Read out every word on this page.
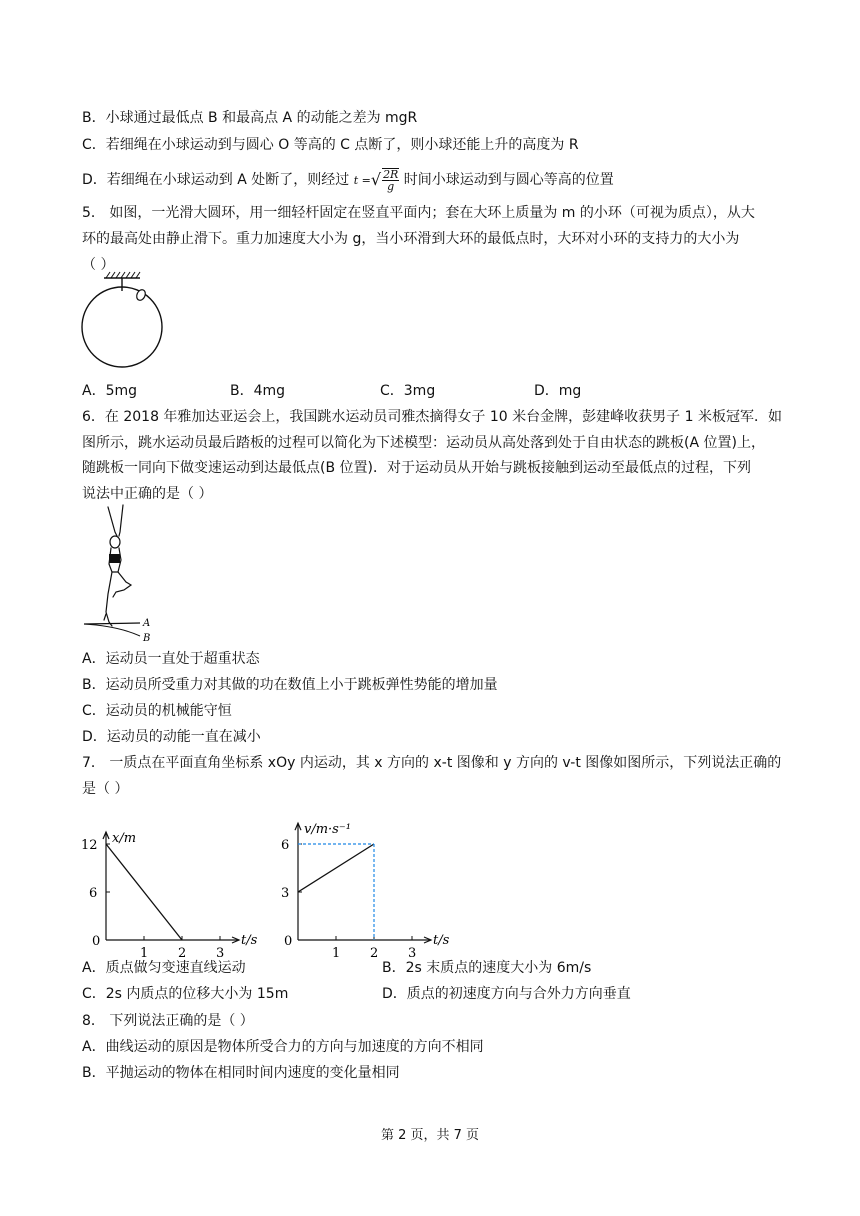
B．小球通过最低点 B 和最高点 A 的动能之差为 mgR
C．若细绳在小球运动到与圆心 O 等高的 C 点断了，则小球还能上升的高度为 R
D．若细绳在小球运动到 A 处断了，则经过 t =√ $\frac{2R}{g}$ 时间小球运动到与圆心等高的位置
5． 如图，一光滑大圆环，用一细轻杆固定在竖直平面内；套在大环上质量为 m 的小环（可视为质点），从大
环的最高处由静止滑下。重力加速度大小为 g，当小环滑到大环的最低点时，大环对小环的支持力的大小为
（ ）
A．5mg	B．4mg	C．3mg	D．mg
6．在 2018 年雅加达亚运会上，我国跳水运动员司雅杰摘得女子 10 米台金牌，彭建峰收获男子 1 米板冠军．如
图所示，跳水运动员最后踏板的过程可以简化为下述模型：运动员从高处落到处于自由状态的跳板(A 位置)上，
随跳板一同向下做变速运动到达最低点(B 位置)．对于运动员从开始与跳板接触到运动至最低点的过程，下列
说法中正确的是（ ）
A
B
A．运动员一直处于超重状态
B．运动员所受重力对其做的功在数值上小于跳板弹性势能的增加量
C．运动员的机械能守恒
D．运动员的动能一直在减小
7． 一质点在平面直角坐标系 xOy 内运动，其 x 方向的 x-t 图像和 y 方向的 v-t 图像如图所示，下列说法正确的
是（ ）
t/s
x/m
0
1 2 3
6
12
t/s
v/m·s⁻¹
0
1 2 3
3
6
A．质点做匀变速直线运动	B．2s 末质点的速度大小为 6m/s
C．2s 内质点的位移大小为 15m	D．质点的初速度方向与合外力方向垂直
8． 下列说法正确的是（ ）
A．曲线运动的原因是物体所受合力的方向与加速度的方向不相同
B．平抛运动的物体在相同时间内速度的变化量相同
第 2 页，共 7 页
